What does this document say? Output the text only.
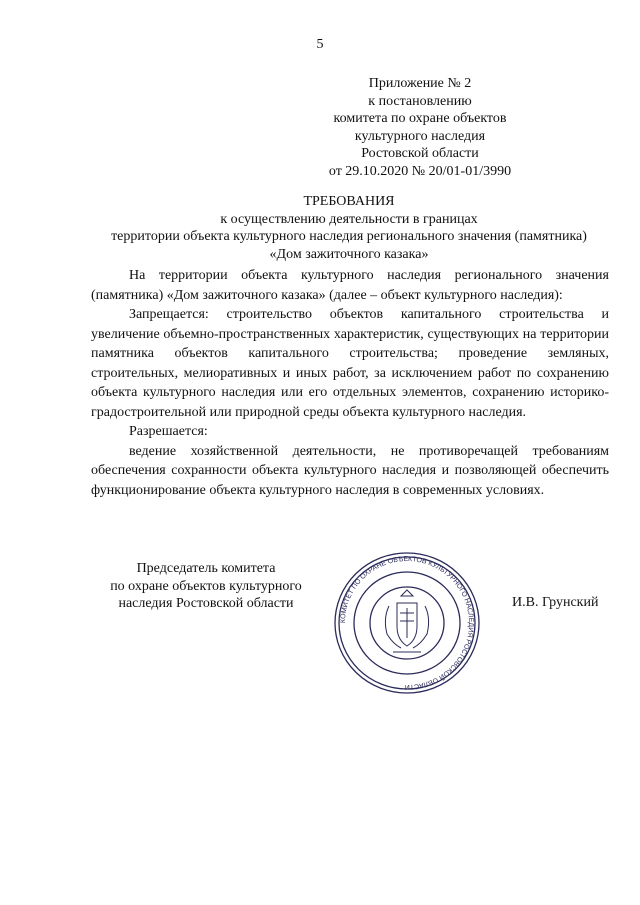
5
Приложение № 2
к постановлению
комитета по охране объектов
культурного наследия
Ростовской области
от 29.10.2020 № 20/01-01/3990
ТРЕБОВАНИЯ
к осуществлению деятельности в границах
территории объекта культурного наследия регионального значения (памятника)
«Дом зажиточного казака»

На территории объекта культурного наследия регионального значения (памятника) «Дом зажиточного казака» (далее – объект культурного наследия):

Запрещается: строительство объектов капитального строительства и увеличение объемно-пространственных характеристик, существующих на территории памятника объектов капитального строительства; проведение земляных, строительных, мелиоративных и иных работ, за исключением работ по сохранению объекта культурного наследия или его отдельных элементов, сохранению историко-градостроительной или природной среды объекта культурного наследия.

Разрешается:

ведение хозяйственной деятельности, не противоречащей требованиям обеспечения сохранности объекта культурного наследия и позволяющей обеспечить функционирование объекта культурного наследия в современных условиях.

Председатель комитета
по охране объектов культурного
наследия Ростовской области
КОМИТЕТ ПО ОХРАНЕ ОБЪЕКТОВ КУЛЬТУРНОГО НАСЛЕДИЯ РОСТОВСКОЙ ОБЛАСТИ
И.В. Грунский
